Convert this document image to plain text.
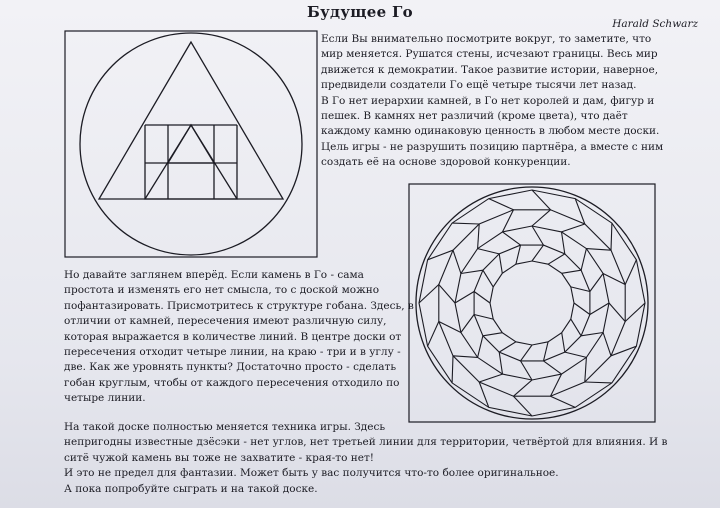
Будущее Го
Harald Schwarz
Если Вы внимательно посмотрите вокруг, то заметите, что
мир меняется. Рушатся стены, исчезают границы. Весь мир
движется к демократии. Такое развитие истории, наверное,
предвидели создатели Го ещё четыре тысячи лет назад.
В Го нет иерархии камней, в Го нет королей и дам, фигур и
пешек. В камнях нет различий (кроме цвета), что даёт
каждому камню одинаковую ценность в любом месте доски.
Цель игры - не разрушить позицию партнёра, а вместе с ним
создать её на основе здоровой конкуренции.
Но давайте заглянем вперёд. Если камень в Го - сама
простота и изменять его нет смысла, то с доской можно
пофантазировать. Присмотритесь к структуре гобана. Здесь, в
отличии от камней, пересечения имеют различную силу,
которая выражается в количестве линий. В центре доски от
пересечения отходит четыре линии, на краю - три и в углу -
две. Как же уровнять пункты? Достаточно просто - сделать
гобан круглым, чтобы от каждого пересечения отходило по
четыре линии.
На такой доске полностью меняется техника игры. Здесь
непригодны известные дзёсэки - нет углов, нет третьей линии для территории, четвёртой для влияния. И в
ситё чужой камень вы тоже не захватите - края-то нет!
И это не предел для фантазии. Может быть у вас получится что-то более оригинальное.
А пока попробуйте сыграть и на такой доске.
